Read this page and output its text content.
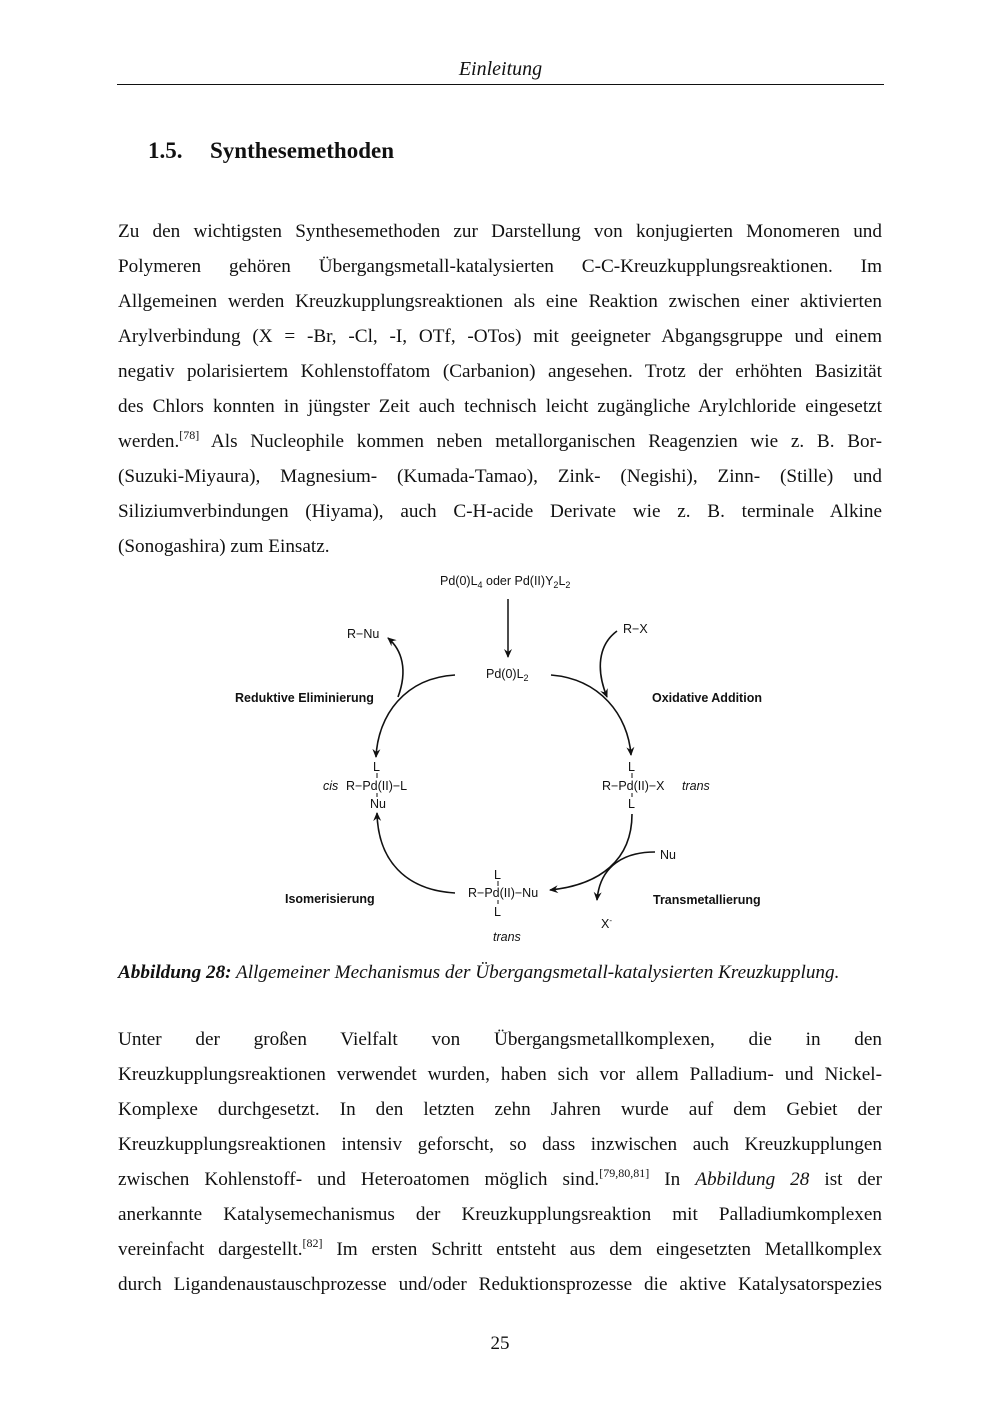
Einleitung
1.5. Synthesemethoden
Zu den wichtigsten Synthesemethoden zur Darstellung von konjugierten Monomeren und
Polymeren gehören Übergangsmetall-katalysierten C-C-Kreuzkupplungsreaktionen. Im
Allgemeinen werden Kreuzkupplungsreaktionen als eine Reaktion zwischen einer aktivierten
Arylverbindung (X = -Br, -Cl, -I, OTf, -OTos) mit geeigneter Abgangsgruppe und einem
negativ polarisiertem Kohlenstoffatom (Carbanion) angesehen. Trotz der erhöhten Basizität
des Chlors konnten in jüngster Zeit auch technisch leicht zugängliche Arylchloride eingesetzt
werden.[78] Als Nucleophile kommen neben metallorganischen Reagenzien wie z. B. Bor-
(Suzuki-Miyaura), Magnesium- (Kumada-Tamao), Zink- (Negishi), Zinn- (Stille) und
Siliziumverbindungen (Hiyama), auch C-H-acide Derivate wie z. B. terminale Alkine
(Sonogashira) zum Einsatz.
$Pd(0)L_4$ oder $Pd(II)Y_2L_2$
$Pd(0)L_2$
R−Nu	R−X
Reduktive Eliminierung	Oxidative Addition
Isomerisierung	Transmetallierung
Nu
X-
cis
L
R−Pd(II)−L
Nu
L
R−Pd(II)−X trans
L
L
R−Pd(II)−Nu
L
trans
Abbildung 28: Allgemeiner Mechanismus der Übergangsmetall-katalysierten Kreuzkupplung.
Unter der großen Vielfalt von Übergangsmetallkomplexen, die in den
Kreuzkupplungsreaktionen verwendet wurden, haben sich vor allem Palladium- und Nickel-
Komplexe durchgesetzt. In den letzten zehn Jahren wurde auf dem Gebiet der
Kreuzkupplungsreaktionen intensiv geforscht, so dass inzwischen auch Kreuzkupplungen
zwischen Kohlenstoff- und Heteroatomen möglich sind.[79,80,81] In Abbildung 28 ist der
anerkannte Katalysemechanismus der Kreuzkupplungsreaktion mit Palladiumkomplexen
vereinfacht dargestellt.[82] Im ersten Schritt entsteht aus dem eingesetzten Metallkomplex
durch Ligandenaustauschprozesse und/oder Reduktionsprozesse die aktive Katalysatorspezies
25
